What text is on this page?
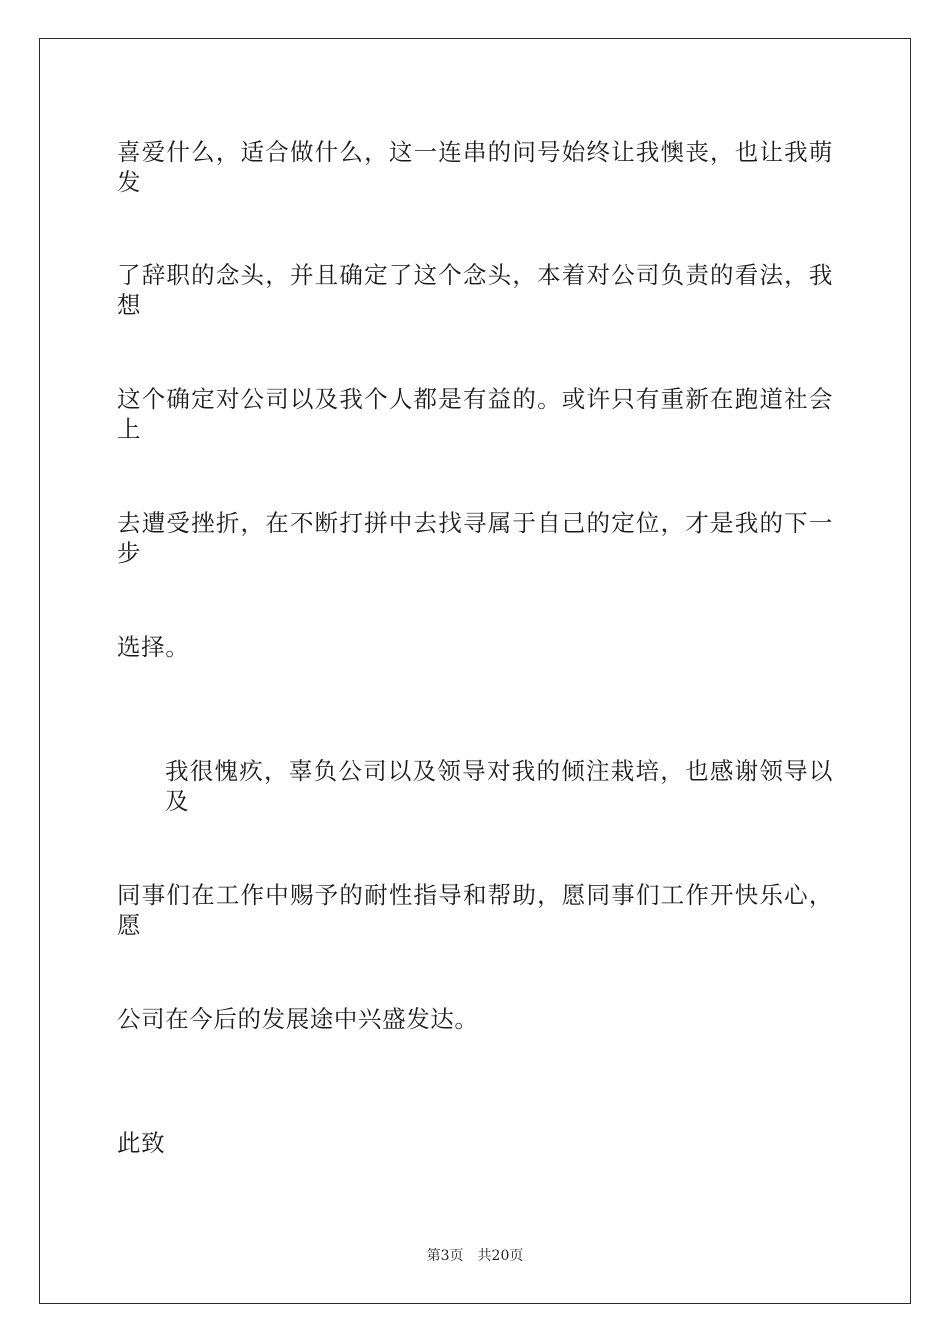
喜爱什么，适合做什么，这一连串的问号始终让我懊丧，也让我萌发
了辞职的念头，并且确定了这个念头，本着对公司负责的看法，我想
这个确定对公司以及我个人都是有益的。或许只有重新在跑道社会上
去遭受挫折，在不断打拼中去找寻属于自己的定位，才是我的下一步
选择。
我很愧疚，辜负公司以及领导对我的倾注栽培，也感谢领导以及
同事们在工作中赐予的耐性指导和帮助，愿同事们工作开快乐心，愿
公司在今后的发展途中兴盛发达。
此致
第3页 共20页
